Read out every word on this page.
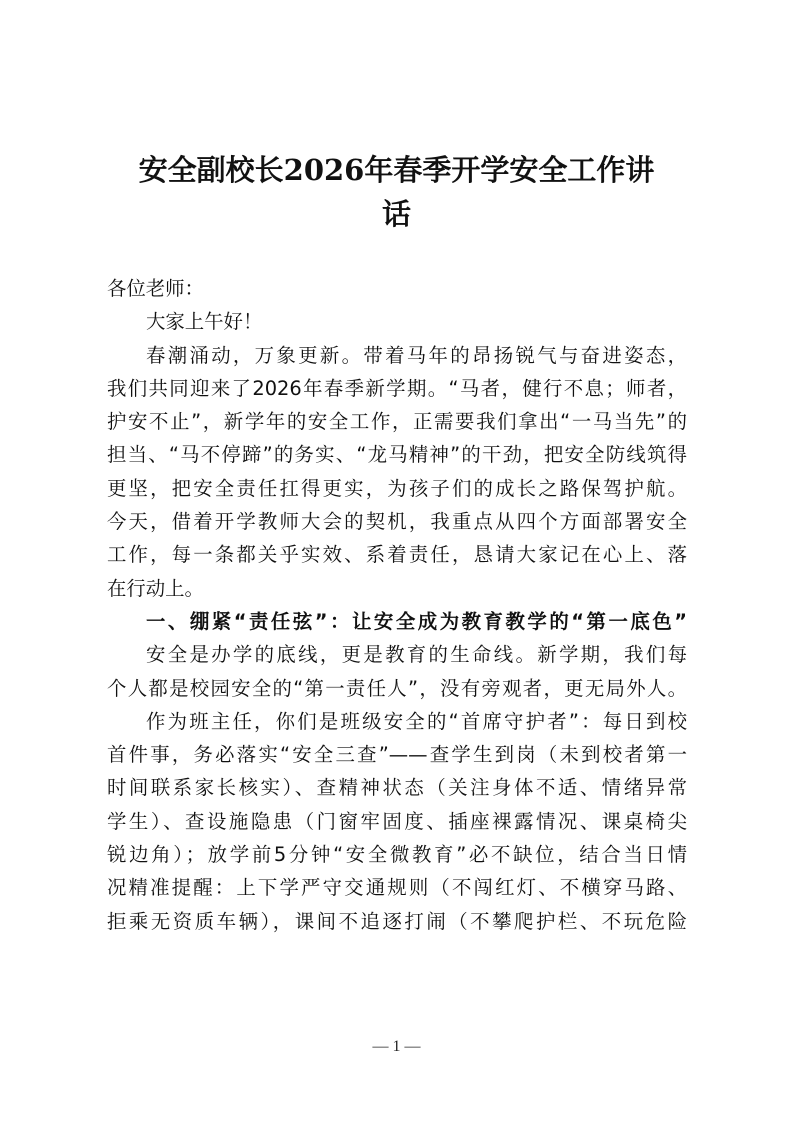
安全副校长2026年春季开学安全工作讲
话
各位老师：
大家上午好！
春潮涌动，万象更新。带着马年的昂扬锐气与奋进姿态，
我们共同迎来了2026年春季新学期。“马者，健行不息；师者，
护安不止”，新学年的安全工作，正需要我们拿出“一马当先”的
担当、“马不停蹄”的务实、“龙马精神”的干劲，把安全防线筑得
更坚，把安全责任扛得更实，为孩子们的成长之路保驾护航。
今天，借着开学教师大会的契机，我重点从四个方面部署安全
工作，每一条都关乎实效、系着责任，恳请大家记在心上、落
在行动上。
一、绷紧“责任弦”：让安全成为教育教学的“第一底色”
安全是办学的底线，更是教育的生命线。新学期，我们每
个人都是校园安全的“第一责任人”，没有旁观者，更无局外人。
作为班主任，你们是班级安全的“首席守护者”：每日到校
首件事，务必落实“安全三查”——查学生到岗（未到校者第一
时间联系家长核实）、查精神状态（关注身体不适、情绪异常
学生）、查设施隐患（门窗牢固度、插座裸露情况、课桌椅尖
锐边角）；放学前5分钟“安全微教育”必不缺位，结合当日情
况精准提醒：上下学严守交通规则（不闯红灯、不横穿马路、
拒乘无资质车辆），课间不追逐打闹（不攀爬护栏、不玩危险
— 1 —
